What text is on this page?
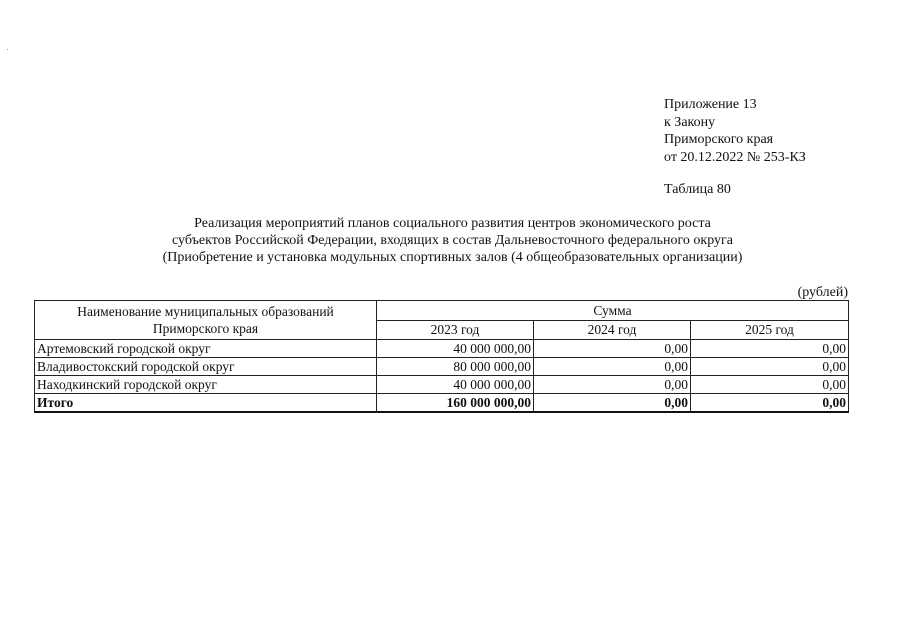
Приложение 13
к Закону
Приморского края
от 20.12.2022 № 253-КЗ
Таблица 80
Реализация мероприятий планов социального развития центров экономического роста
субъектов Российской Федерации, входящих в состав Дальневосточного федерального округа
(Приобретение и установка модульных спортивных залов (4 общеобразовательных организации)
(рублей)
Наименование муниципальных образований
Приморского края	Сумма		
	2023 год	2024 год	2025 год
Артемовский городской округ	40 000 000,00	0,00	0,00
Владивостокский городской округ	80 000 000,00	0,00	0,00
Находкинский городской округ	40 000 000,00	0,00	0,00
Итого	160 000 000,00	0,00	0,00
